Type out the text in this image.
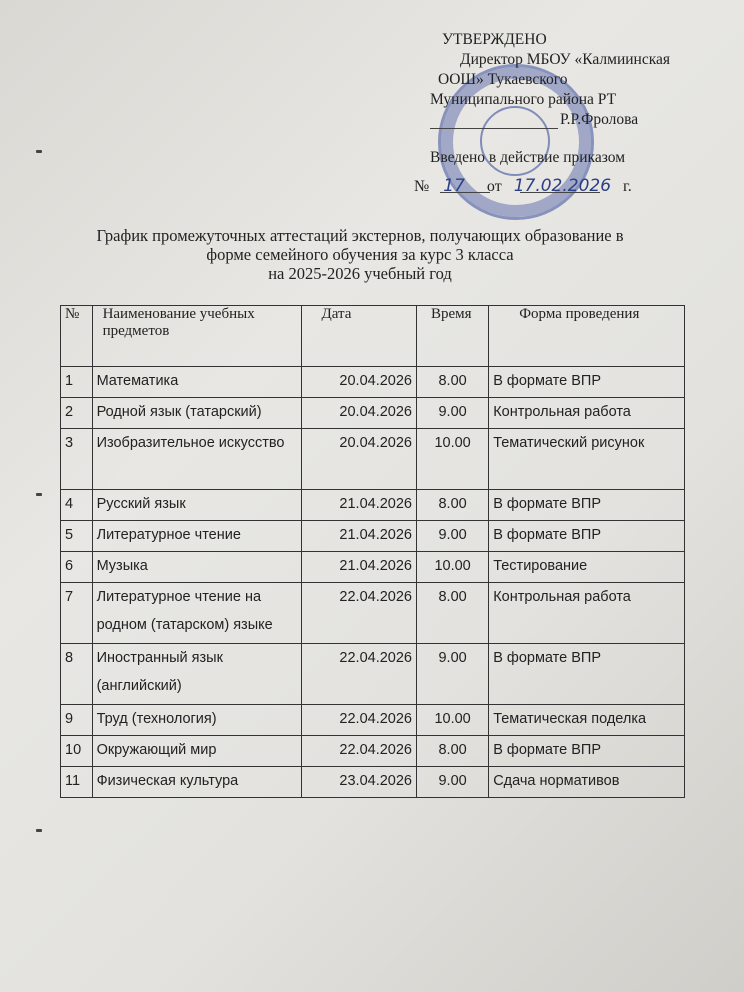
УТВЕРЖДЕНО
Директор МБОУ «Калмиинская
ООШ» Тукаевского
Муниципального района РТ
Р.Р.Фролова
Введено в действие приказом
№ 17 от 17.02.2026 г.
График промежуточных аттестаций экстернов, получающих образование в
форме семейного обучения за курс 3 класса
на 2025-2026 учебный год
№	Наименование учебных предметов	Дата	Время	Форма проведения
1	Математика	20.04.2026	8.00	В формате ВПР
2	Родной язык (татарский)	20.04.2026	9.00	Контрольная работа
3	Изобразительное искусство	20.04.2026	10.00	Тематический рисунок
4	Русский язык	21.04.2026	8.00	В формате ВПР
5	Литературное чтение	21.04.2026	9.00	В формате ВПР
6	Музыка	21.04.2026	10.00	Тестирование
7	Литературное чтение на родном (татарском) языке	22.04.2026	8.00	Контрольная работа
8	Иностранный язык (английский)	22.04.2026	9.00	В формате ВПР
9	Труд (технология)	22.04.2026	10.00	Тематическая поделка
10	Окружающий мир	22.04.2026	8.00	В формате ВПР
11	Физическая культура	23.04.2026	9.00	Сдача нормативов
